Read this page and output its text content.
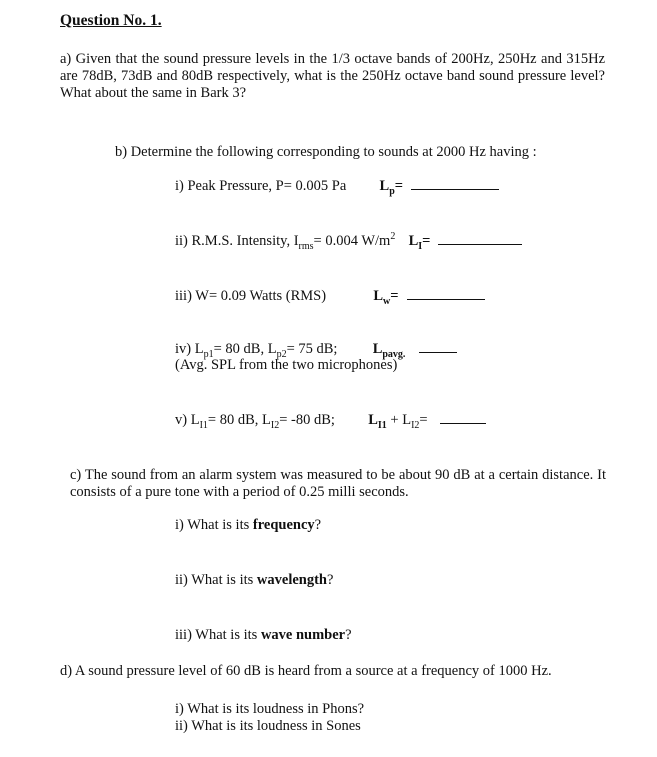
Question No. 1.
a) Given that the sound pressure levels in the 1/3 octave bands of 200Hz, 250Hz and 315Hz are 78dB, 73dB and 80dB respectively, what is the 250Hz octave band sound pressure level? What about the same in Bark 3?
b) Determine the following corresponding to sounds at 2000 Hz having :
i) Peak Pressure, P= 0.005 Pa $L_p=$
ii) R.M.S. Intensity, $I_{rms}= 0.004$ $W/m^2$ $L_I=$
iii) W= 0.09 Watts (RMS)	$L_w=$
iv) $L_{p1}= 80$ dB, $L_{p2}= 75$ dB; $L_{pavg.}$
(Avg. SPL from the two microphones)
v) $L_{I1}= 80$ dB, $L_{I2}= -80$ dB; $L_{I1} + L_{I2}=$
c) The sound from an alarm system was measured to be about 90 dB at a certain distance. It consists of a pure tone with a period of 0.25 milli seconds.
i) What is its frequency?
ii) What is its wavelength?
iii) What is its wave number?
d) A sound pressure level of 60 dB is heard from a source at a frequency of 1000 Hz.
i) What is its loudness in Phons?
ii) What is its loudness in Sones
